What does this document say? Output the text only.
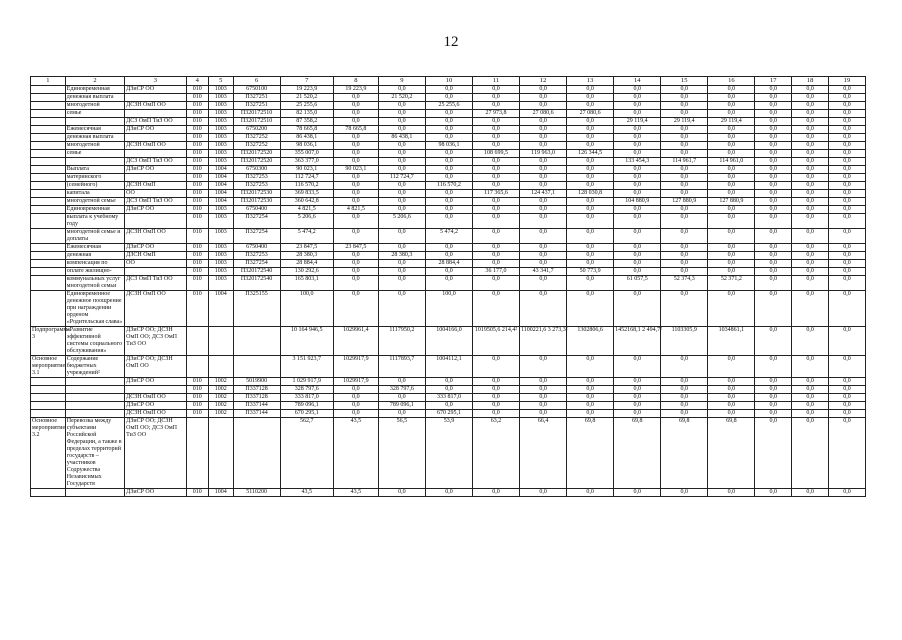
12
1	2	3	4	5	6	7	8	9	10	11	12	13	14	15	16	17	18	19
	Единовременная	ДЗиСР ОО	010	1003	6750100	19 223,9	19 223,9	0,0	0,0	0,0	0,0	0,0	0,0	0,0	0,0	0,0	0,0	0,0
	денежная выплата		010	1003	П327251	21 520,2	0,0	21 520,2	0,0	0,0	0,0	0,0	0,0	0,0	0,0	0,0	0,0	0,0
	многодетной	ДСЗН ОмП ОО	010	1003	П327251	25 255,6	0,0	0,0	25 255,6	0,0	0,0	0,0	0,0	0,0	0,0	0,0	0,0	0,0
	семье		010	1003	П320172510	82 135,0	0,0	0,0	0,0	27 973,8	27 080,6	27 080,6	0,0	0,0	0,0	0,0	0,0	0,0
		ДСЗ ОмП ТиЗ ОО	010	1003	П320172510	87 358,2	0,0	0,0	0,0	0,0	0,0	0,0	29 119,4	29 119,4	29 119,4	0,0	0,0	0,0
	Ежемесячная	ДЗиСР ОО	010	1003	6750200	78 665,8	78 665,8	0,0	0,0	0,0	0,0	0,0	0,0	0,0	0,0	0,0	0,0	0,0
	денежная выплата		010	1003	П327252	86 438,1	0,0	86 438,1	0,0	0,0	0,0	0,0	0,0	0,0	0,0	0,0	0,0	0,0
	многодетной	ДСЗН ОмП ОО	010	1003	П327252	98 036,1	0,0	0,0	98 036,1	0,0	0,0	0,0	0,0	0,0	0,0	0,0	0,0	0,0
	семье		010	1003	П320172520	355 007,0	0,0	0,0	0,0	108 699,5	119 963,0	126 344,5	0,0	0,0	0,0	0,0	0,0	0,0
		ДСЗ ОмП ТиЗ ОО	010	1003	П320172520	363 377,0	0,0	0,0	0,0	0,0	0,0	0,0	133 454,3	114 961,7	114 961,0	0,0	0,0	0,0
	Выплата	ДЗиСР ОО	010	1004	6750300	90 023,1	90 023,1	0,0	0,0	0,0	0,0	0,0	0,0	0,0	0,0	0,0	0,0	0,0
	материнского		010	1004	П327253	112 724,7	0,0	112 724,7	0,0	0,0	0,0	0,0	0,0	0,0	0,0	0,0	0,0	0,0
	(семейного)	ДСЗН ОмП	010	1004	П327253	116 570,2	0,0	0,0	116 570,2	0,0	0,0	0,0	0,0	0,0	0,0	0,0	0,0	0,0
	капитала	ОО	010	1004	П320172530	369 833,5	0,0	0,0	0,0	117 365,6	124 437,1	128 030,8	0,0	0,0	0,0	0,0	0,0	0,0
	многодетной семье	ДСЗ ОмП ТиЗ ОО	010	1004	П320172530	360 642,8	0,0	0,0	0,0	0,0	0,0	0,0	104 880,9	127 880,9	127 880,9	0,0	0,0	0,0
	Единовременная	ДЗиСР ОО	010	1003	6750400	4 821,5	4 821,5	0,0	0,0	0,0	0,0	0,0	0,0	0,0	0,0	0,0	0,0	0,0
	выплата к учебному году		010	1003	П327254	5 206,6	0,0	5 206,6	0,0	0,0	0,0	0,0	0,0	0,0	0,0	0,0	0,0	0,0
	многодетной семье и доплаты	ДСЗН ОмП ОО	010	1003	П327254	5 474,2	0,0	0,0	5 474,2	0,0	0,0	0,0	0,0	0,0	0,0	0,0	0,0	0,0
	Ежемесячная	ДЗиСР ОО	010	1003	6750400	23 847,5	23 847,5	0,0	0,0	0,0	0,0	0,0	0,0	0,0	0,0	0,0	0,0	0,0
	денежная	ДЗСН ОмП	010	1003	П327253	28 380,3	0,0	28 380,3	0,0	0,0	0,0	0,0	0,0	0,0	0,0	0,0	0,0	0,0
	компенсация по	ОО	010	1003	П327254	28 884,4	0,0	0,0	28 884,4	0,0	0,0	0,0	0,0	0,0	0,0	0,0	0,0	0,0
	оплате жилищно-		010	1003	П320172540	130 292,6	0,0	0,0	0,0	36 177,0	43 341,7	50 773,9	0,0	0,0	0,0	0,0	0,0	0,0
	коммунальных услуг многодетной семьи	ДСЗ ОмП ТиЗ ОО	010	1003	П320172540	165 803,1	0,0	0,0	0,0	0,0	0,0	0,0	61 057,5	52 374,3	52 371,2	0,0	0,0	0,0
	Единовременное денежное поощрение при награждении орденом «Родительская слава»	ДСЗН ОмП ОО	010	1004	П325155	100,0	0,0	0,0	100,0	0,0	0,0	0,0	0,0	0,0	0,0	0,0	0,0	0,0
Подпрограмма 3	«Развитие эффективной системы социального обслуживания»	ДЗиСР ОО; ДСЗН ОмП ОО; ДСЗ ОмП ТиЗ ОО				10 164 946,5	1029961,4	1117950,2	1004166,0	1019505,6 214,4²	1100221,6 3 273,3²	1302806,6	1452168,1 2 494,7²	1103305,9	1034861,1	0,0	0,0	0,0
Основное мероприятие 3.1	Содержание бюджетных учреждений²	ДЗиСР ОО; ДСЗН ОмП ОО				3 151 923,7	1029917,9	1117893,7	1004112,1	0,0	0,0	0,0	0,0	0,0	0,0	0,0	0,0	0,0
		ДЗиСР ОО	010	1002	5019900	1 029 917,9	1029917,9	0,0	0,0	0,0	0,0	0,0	0,0	0,0	0,0	0,0	0,0	0,0
			010	1002	П337128	328 797,6	0,0	328 797,6	0,0	0,0	0,0	0,0	0,0	0,0	0,0	0,0	0,0	0,0
		ДСЗН ОмП ОО	010	1002	П337128	333 817,0	0,0	0,0	333 817,0	0,0	0,0	0,0	0,0	0,0	0,0	0,0	0,0	0,0
		ДЗиСР ОО	010	1002	П337144	789 096,1	0,0	789 096,1	0,0	0,0	0,0	0,0	0,0	0,0	0,0	0,0	0,0	0,0
		ДСЗН ОмП ОО	010	1002	П337144	670 295,1	0,0	0,0	670 295,1	0,0	0,0	0,0	0,0	0,0	0,0	0,0	0,0	0,0
Основное мероприятие 3.2	Перевозка между субъектами Российской Федерации, а также в пределах территорий государств – участников Содружества Независимых Государств	ДЗиСР ОО; ДСЗН ОмП ОО; ДСЗ ОмП ТиЗ ОО				562,7	43,5	56,5	53,9	63,2	66,4	69,8	69,8	69,8	69,8	0,0	0,0	0,0
		ДЗиСР ОО	010	1004	5110200	43,5	43,5	0,0	0,0	0,0	0,0	0,0	0,0	0,0	0,0	0,0	0,0	0,0
